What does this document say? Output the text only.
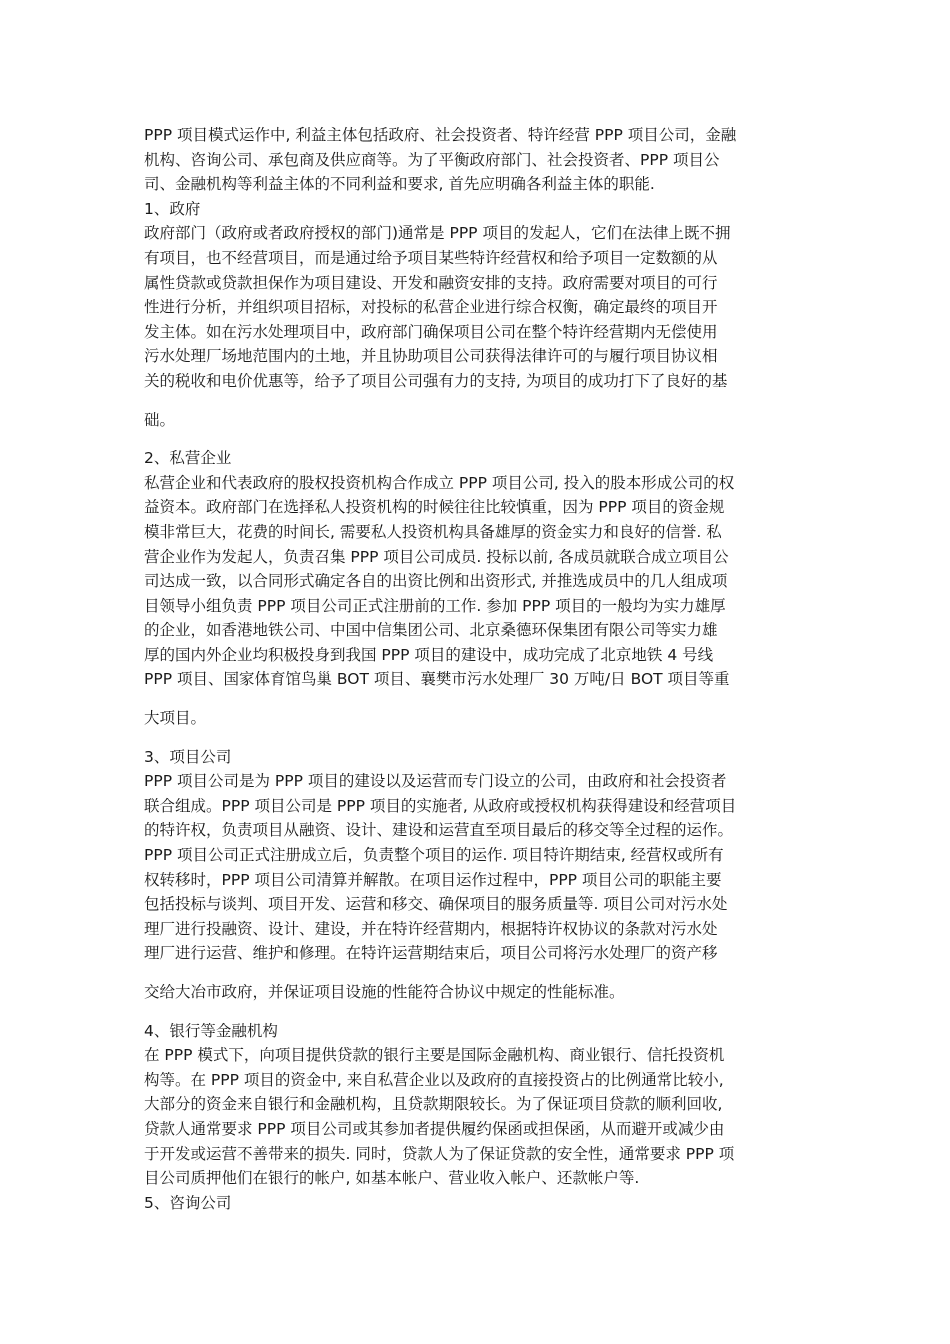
PPP 项目模式运作中, 利益主体包括政府、社会投资者、特许经营 PPP 项目公司，金融
机构、咨询公司、承包商及供应商等。为了平衡政府部门、社会投资者、PPP 项目公
司、金融机构等利益主体的不同利益和要求, 首先应明确各利益主体的职能.
1、政府
政府部门（政府或者政府授权的部门)通常是 PPP 项目的发起人，它们在法律上既不拥
有项目，也不经营项目，而是通过给予项目某些特许经营权和给予项目一定数额的从
属性贷款或贷款担保作为项目建设、开发和融资安排的支持。政府需要对项目的可行
性进行分析，并组织项目招标，对投标的私营企业进行综合权衡，确定最终的项目开
发主体。如在污水处理项目中，政府部门确保项目公司在整个特许经营期内无偿使用
污水处理厂场地范围内的土地，并且协助项目公司获得法律许可的与履行项目协议相
关的税收和电价优惠等，给予了项目公司强有力的支持, 为项目的成功打下了良好的基
础。
2、私营企业
私营企业和代表政府的股权投资机构合作成立 PPP 项目公司, 投入的股本形成公司的权
益资本。政府部门在选择私人投资机构的时候往往比较慎重，因为 PPP 项目的资金规
模非常巨大，花费的时间长, 需要私人投资机构具备雄厚的资金实力和良好的信誉. 私
营企业作为发起人，负责召集 PPP 项目公司成员. 投标以前, 各成员就联合成立项目公
司达成一致，以合同形式确定各自的出资比例和出资形式, 并推选成员中的几人组成项
目领导小组负责 PPP 项目公司正式注册前的工作. 参加 PPP 项目的一般均为实力雄厚
的企业，如香港地铁公司、中国中信集团公司、北京桑德环保集团有限公司等实力雄
厚的国内外企业均积极投身到我国 PPP 项目的建设中，成功完成了北京地铁 4 号线
PPP 项目、国家体育馆鸟巢 BOT 项目、襄樊市污水处理厂 30 万吨/日 BOT 项目等重
大项目。
3、项目公司
PPP 项目公司是为 PPP 项目的建设以及运营而专门设立的公司，由政府和社会投资者
联合组成。PPP 项目公司是 PPP 项目的实施者, 从政府或授权机构获得建设和经营项目
的特许权，负责项目从融资、设计、建设和运营直至项目最后的移交等全过程的运作。
PPP 项目公司正式注册成立后，负责整个项目的运作. 项目特许期结束, 经营权或所有
权转移时，PPP 项目公司清算并解散。在项目运作过程中，PPP 项目公司的职能主要
包括投标与谈判、项目开发、运营和移交、确保项目的服务质量等. 项目公司对污水处
理厂进行投融资、设计、建设，并在特许经营期内，根据特许权协议的条款对污水处
理厂进行运营、维护和修理。在特许运营期结束后，项目公司将污水处理厂的资产移
交给大冶市政府，并保证项目设施的性能符合协议中规定的性能标准。
4、银行等金融机构
在 PPP 模式下，向项目提供贷款的银行主要是国际金融机构、商业银行、信托投资机
构等。在 PPP 项目的资金中, 来自私营企业以及政府的直接投资占的比例通常比较小,
大部分的资金来自银行和金融机构，且贷款期限较长。为了保证项目贷款的顺利回收,
贷款人通常要求 PPP 项目公司或其参加者提供履约保函或担保函，从而避开或减少由
于开发或运营不善带来的损失. 同时，贷款人为了保证贷款的安全性，通常要求 PPP 项
目公司质押他们在银行的帐户, 如基本帐户、营业收入帐户、还款帐户等.
5、咨询公司
